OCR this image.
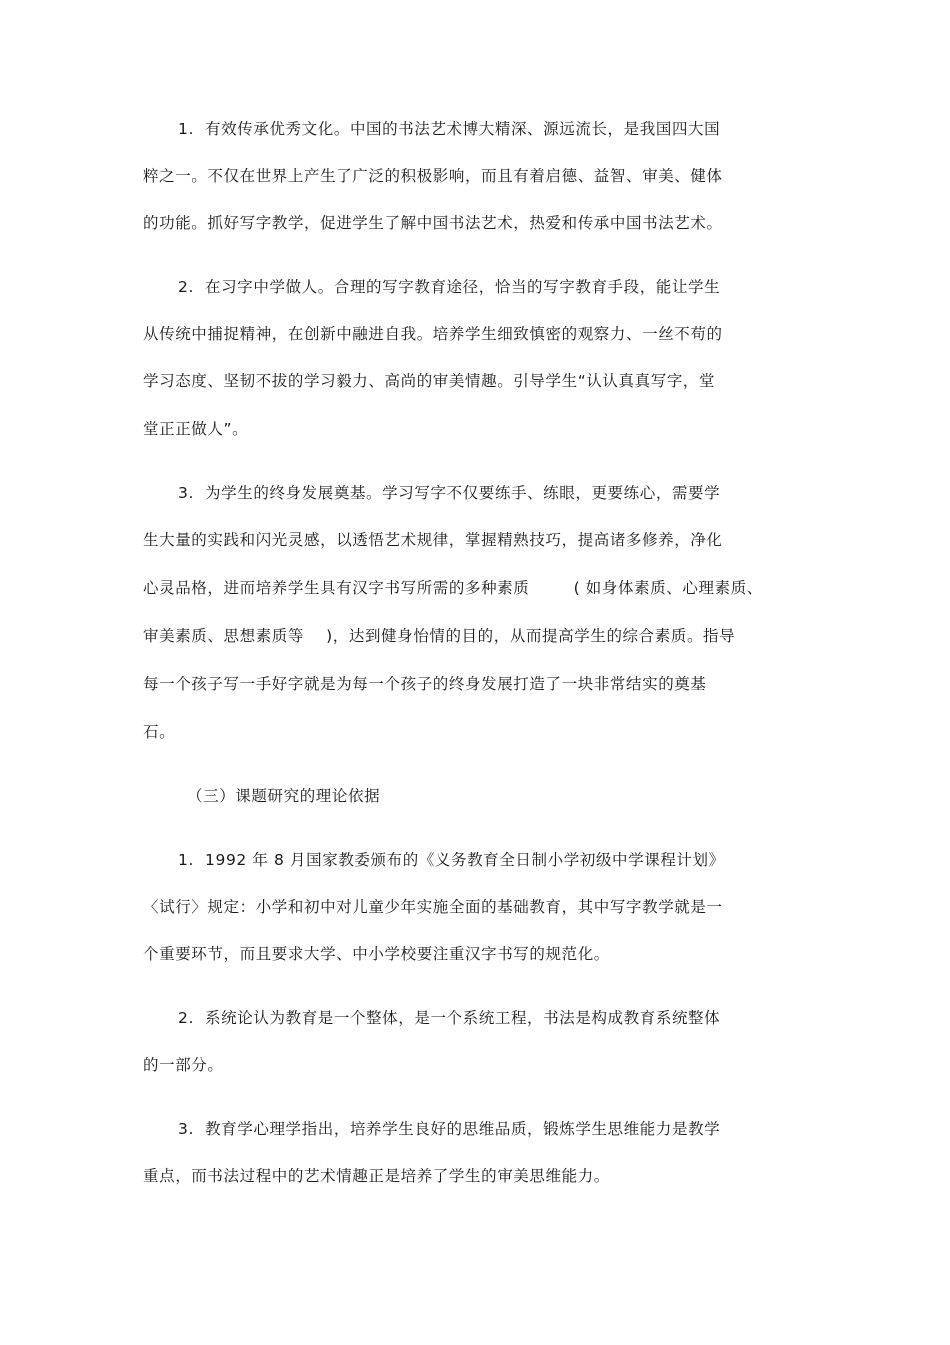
1.  有效传承优秀文化。中国的书法艺术博大精深、源远流长，是我国四大国
粹之一。不仅在世界上产生了广泛的积极影响，而且有着启德、益智、审美、健体
的功能。抓好写字教学，促进学生了解中国书法艺术，热爱和传承中国书法艺术。
2.  在习字中学做人。合理的写字教育途径，恰当的写字教育手段，能让学生
从传统中捕捉精神，在创新中融进自我。培养学生细致慎密的观察力、一丝不苟的
学习态度、坚韧不拔的学习毅力、高尚的审美情趣。引导学生“认认真真写字，堂
堂正正做人”。
3.  为学生的终身发展奠基。学习写字不仅要练手、练眼，更要练心，需要学
生大量的实践和闪光灵感，以透悟艺术规律，掌握精熟技巧，提高诸多修养，净化
心灵品格，进而培养学生具有汉字书写所需的多种素质        ( 如身体素质、心理素质、
审美素质、思想素质等    )，达到健身怡情的目的，从而提高学生的综合素质。指导
每一个孩子写一手好字就是为每一个孩子的终身发展打造了一块非常结实的奠基
石。
（三）课题研究的理论依据
1.  1992 年 8 月国家教委颁布的《义务教育全日制小学初级中学课程计划》
〈试行〉规定：小学和初中对儿童少年实施全面的基础教育，其中写字教学就是一
个重要环节，而且要求大学、中小学校要注重汉字书写的规范化。
2.  系统论认为教育是一个整体，是一个系统工程，书法是构成教育系统整体
的一部分。
3.  教育学心理学指出，培养学生良好的思维品质，锻炼学生思维能力是教学
重点，而书法过程中的艺术情趣正是培养了学生的审美思维能力。
